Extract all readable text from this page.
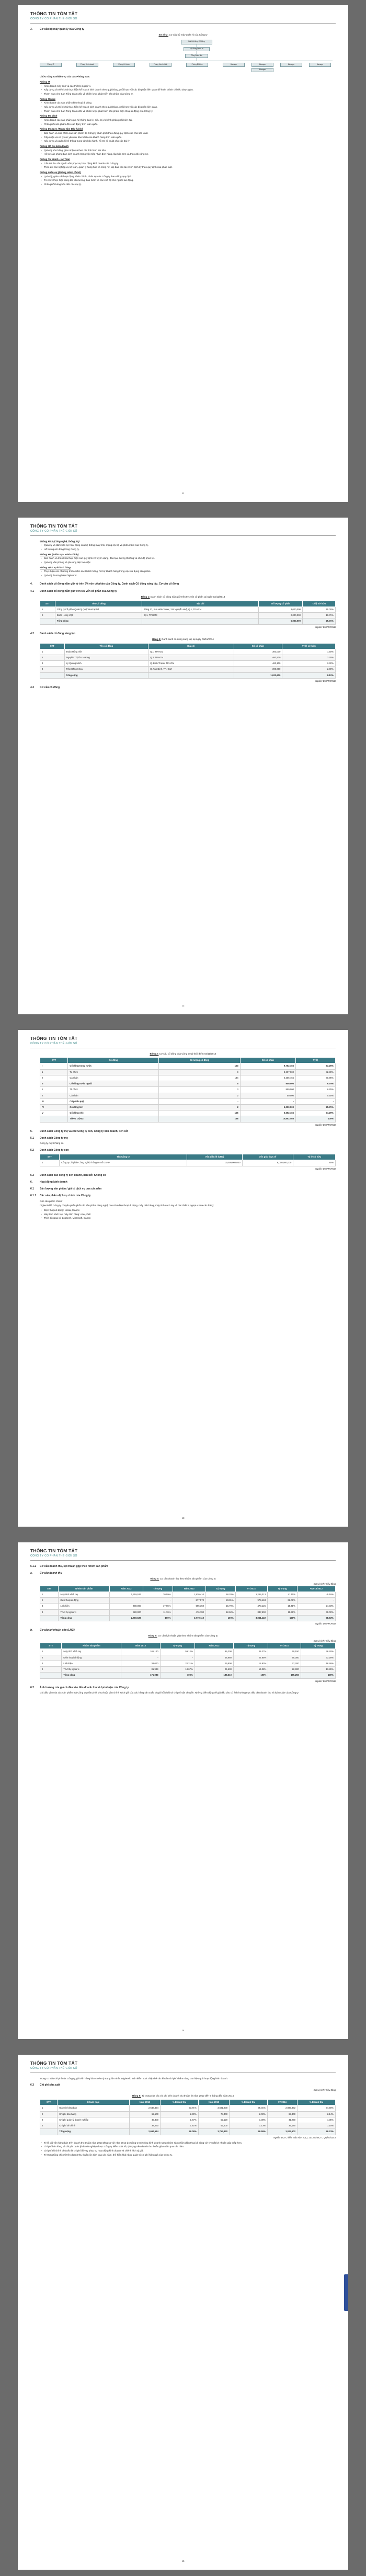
THÔNG TIN TÓM TẮT
CÔNG TY CỔ PHẦN THẾ GIỚI SỐ
3.	Cơ cấu bộ máy quản lý của Công ty
Sơ đồ 2: Cơ cấu bộ máy quản lý của Công ty
Đại Hội đồng Cổ đông
Hội đồng Quản trị
Tổng Giám đốc
Phòng IT	Phòng Kinh doanh	Phòng Kế toán	Phòng Hành chính	Phòng DGDen	Manager	Manager	Manager	Manager
Manager
Chức năng & Nhiệm vụ của các Phòng Ban:
Phòng IT
• Kinh doanh máy tính và các thiết bị ngoại vi.
• Xây dựng và triển khai thực hiện kế hoạch kinh doanh theo quý/tháng, phối hợp với các bộ phận liên quan để hoàn thành chỉ tiêu được giao.
• Tham mưu cho Ban Tổng Giám đốc về chiến lược phát triển sản phẩm của Công ty.
Phòng Mobile
• Kinh doanh các sản phẩm điện thoại di động.
• Xây dựng và triển khai thực hiện kế hoạch kinh doanh theo quý/tháng, phối hợp với các bộ phận liên quan.
• Tham mưu cho Ban Tổng Giám đốc về chiến lược phát triển sản phẩm điện thoại di động của Công ty.
Phòng Đa kênh
• Kinh doanh các sản phẩm qua hệ thống bán lẻ, siêu thị và kênh phân phối hiện đại.
• Phân phối sản phẩm đến các đại lý trên toàn quốc.
Phòng DGDpro (Trung tâm Bảo hành)
• Bảo hành và sửa chữa các sản phẩm do Công ty phân phối theo đúng quy định của nhà sản xuất.
• Tiếp nhận và xử lý các yêu cầu bảo hành của khách hàng trên toàn quốc.
• Xây dựng và quản lý hệ thống trung tâm bảo hành, hỗ trợ kỹ thuật cho các đại lý.
Phòng Hỗ trợ kinh doanh
• Quản lý kho hàng, giao nhận và theo dõi tình hình tồn kho.
• Hỗ trợ các phòng ban kinh doanh trong việc tiếp nhận đơn hàng, lập hóa đơn và theo dõi công nợ.
Phòng Tài chính - Kế Toán
• Cân đối thu chi nguồn vốn phục vụ hoạt động kinh doanh của Công ty.
• Theo dõi các nghiệp vụ kế toán, quản lý hàng hóa và công nợ, lập báo cáo tài chính định kỳ theo quy định của pháp luật.
Phòng nhân sự (Phòng Hành chính)
• Quản lý, giám sát hoạt động hành chính, nhân sự của Công ty theo đúng quy định.
• Tổ chức thực hiện công tác tiền lương, bảo hiểm và các chế độ cho người lao động.
• Phân phối hàng hóa đến các đại lý.
11
THÔNG TIN TÓM TẮT
CÔNG TY CỔ PHẦN THẾ GIỚI SỐ
Phòng BBS (Công nghệ Thông tin)
• Quản lý và đảm bảo sự hoạt động của hệ thống máy tính, mạng nội bộ và phần mềm của Công ty.
• Hỗ trợ người dùng trong Công ty.
Phòng HR (Nhân sự - Hành chính)
• Ban hành và triển khai thực hiện các quy định về tuyển dụng, đào tạo, lương thưởng và chế độ phúc lợi.
• Quản lý văn phòng và phương tiện làm việc.
Phòng Dịch vụ khách hàng
• Thực hiện các chương trình chăm sóc khách hàng, hỗ trợ khách hàng trong việc sử dụng sản phẩm.
• Quản lý thương hiệu Digiworld.
4.	Danh sách cổ đông nắm giữ từ trên 5% vốn cổ phần của Công ty. Danh sách Cổ đông sáng lập. Cơ cấu cổ đông
4.1 Danh sách cổ đông nắm giữ trên 5% vốn cổ phần của Công ty
Bảng 1: Danh sách cổ đông nắm giữ trên 5% vốn cổ phần tại ngày 03/11/2014
STT	Tên Cổ đông	Địa chỉ	Số lượng cổ phần	Tỷ lệ sở hữu
1	Công ty Cổ phần Quản lý Quỹ VinaCapital	Tầng 17, Sun Wah Tower, 115 Nguyễn Huệ, Q.1, TP.HCM	3,000,000	15.00%
2	Đoàn Hồng Việt	Q.1, TP.HCM	2,000,000	10.71%
	Tổng cộng		5,000,000	25.71%
Nguồn: DIGIWORLD
4.2 Danh sách cổ đông sáng lập
Bảng 2: Danh sách cổ đông sáng lập tại ngày 03/11/2014
STT	Tên cổ đông	Địa chỉ	Số cổ phần	Tỷ lệ sở hữu
1	Đoàn Hồng Việt	Q.1, TP.HCM	300,000	1.50%
2	Nguyễn Thị Thu Hương	Q.3, TP.HCM	460,500	2.30%
3	Lý Quang Minh	Q. Bình Thạnh, TP.HCM	463,100	2.32%
4	Trần Đăng Khoa	Q. Tân Bình, TP.HCM	399,000	2.00%
	Tổng cộng		1,622,600	8.12%
Nguồn: DIGIWORLD
4.3 Cơ cấu cổ đông
12
THÔNG TIN TÓM TẮT
CÔNG TY CỔ PHẦN THẾ GIỚI SỐ
Bảng 3: Cơ cấu cổ đông của Công ty tại thời điểm 03/11/2014
STT	Cổ đông	Số lượng cổ đông	Số cổ phần	Tỷ lệ
I	Cổ đông trong nước	153	9,752,465	93.25%
1	Tổ chức	9	3,397,000	32.30%
2	Cá nhân	144	6,355,465	60.95%
II	Cổ đông nước ngoài	5	900,000	6.75%
1	Tổ chức	3	850,000	6.25%
2	Cá nhân	2	50,000	0.50%
III	Cổ phiếu quỹ	-	-	-
IV	Cổ đông lớn	2	5,000,000	25.71%
V	Cổ đông nhỏ	156	5,652,465	74.29%
	TỔNG CỘNG	158	10,652,465	100%
Nguồn: DIGIWORLD
5.	Danh sách Công ty mẹ và các Công ty con, Công ty liên doanh, liên kết
5.1 Danh sách Công ty mẹ
Công ty mẹ: Không có
5.2 Danh sách Công ty con
STT	Tên Công ty	Vốn điều lệ (VNĐ)	Vốn góp thực tế	Tỷ lệ sở hữu
1	Công ty Cổ phần Công nghệ Thông tin Số DSPP	10,000,000,000	8,000,000,000	80%
Nguồn: DIGIWORLD
5.3 Danh sách các công ty liên doanh, liên kết: Không có
6.	Hoạt động kinh doanh
6.1 Sản lượng sản phẩm / giá trị dịch vụ qua các năm
6.1.1 Các sản phẩm dịch vụ chính của Công ty
Các sản phẩm chính:
Digiworld là Công ty chuyên phân phối các sản phẩm công nghệ cao như điện thoại di động, máy tính bảng, máy tính xách tay và các thiết bị ngoại vi của các hãng:
• Điện thoại di động: Nokia, Xiaomi
• Máy tính xách tay, máy tính bảng: Acer, Dell
• Thiết bị ngoại vi: Logitech, Microsoft, Canon
13
THÔNG TIN TÓM TẮT
CÔNG TY CỔ PHẦN THẾ GIỚI SỐ
6.1.2 Cơ cấu doanh thu, lợi nhuận gộp theo nhóm sản phẩm
a.	Cơ cấu doanh thu
Bảng 4: Cơ cấu doanh thu theo nhóm sản phẩm của Công ty
Đơn vị tính: Triệu đồng
STT	Nhóm sản phẩm	Năm 2012	Tỷ trọng	Năm 2013	Tỷ trọng	9T/2014	Tỷ trọng	%2013/2012
1	Máy tính xách tay	1,919,537	70.59%	1,820,410	48.28%	1,254,313	41.11%	-5.16%
2	Điện thoại di động	-	-	877,570	23.31%	979,184	32.09%	-
3	Linh kiện	480,000	17.65%	595,350	15.79%	470,125	15.41%	24.03%
4	Thiết bị ngoại vi	320,000	11.76%	476,780	12.62%	347,500	11.39%	49.00%
	Tổng cộng	2,719,537	100%	3,770,110	100%	3,051,122	100%	38.63%
Nguồn: DIGIWORLD
b.	Cơ cấu lợi nhuận gộp (LNG)
Bảng 5: Cơ cấu lợi nhuận gộp theo nhóm sản phẩm của Công ty
Đơn vị tính: Triệu đồng
STT	Nhóm sản phẩm	Năm 2012	Tỷ trọng	Năm 2013	Tỷ trọng	9T/2014	Tỷ trọng
1	Máy tính xách tay	101,140	59.12%	85,200	45.27%	60,150	36.40%
2	Điện thoại di động	-	-	48,680	25.85%	55,000	33.28%
3	Linh kiện	38,000	22.21%	29,800	15.83%	27,200	16.46%
4	Thiết bị ngoại vi	31,943	18.67%	24,630	13.08%	22,900	13.86%
	Tổng cộng	171,083	100%	188,310	100%	165,250	100%
Nguồn: DIGIWORLD
6.2 Ảnh hưởng của giá cả đầu vào đến doanh thu và lợi nhuận của Công ty
Giá đầu vào của các sản phẩm mà Công ty phân phối phụ thuộc vào chính sách giá của các hãng sản xuất, tỷ giá hối đoái và chi phí vận chuyển. Những biến động về giá đầu vào có ảnh hưởng trực tiếp đến doanh thu và lợi nhuận của Công ty.
14
THÔNG TIN TÓM TẮT
CÔNG TY CỔ PHẦN THẾ GIỚI SỐ
Trong cơ cấu chi phí của Công ty, giá vốn hàng bán chiếm tỷ trọng lớn nhất. Digiworld luôn kiểm soát chặt chẽ các khoản chi phí nhằm nâng cao hiệu quả hoạt động kinh doanh.
6.3 Chi phí sản xuất
Đơn vị tính: Triệu đồng
Bảng 6: Tỷ trọng của các chi phí trên doanh thu thuần từ năm 2012 đến 9 tháng đầu năm 2014
STT	Khoản mục	Năm 2012	% Doanh thu	Năm 2013	% Doanh thu	9T/2014	% Doanh thu
1	Giá vốn hàng bán	2,548,454	93.71%	3,581,800	95.01%	2,885,872	94.58%
2	Chi phí bán hàng	62,500	2.30%	78,400	2.08%	65,300	2.14%
3	Chi phí quản lý doanh nghiệp	45,300	1.67%	52,120	1.38%	41,250	1.35%
4	Chi phí tài chính	38,260	1.41%	42,500	1.13%	35,180	1.15%
	Tổng cộng	2,694,514	99.08%	3,754,820	99.59%	3,027,602	99.23%
Nguồn: BCTC kiểm toán năm 2012, 2013 và BCTC Quý III/2014
• Tỷ lệ giá vốn hàng bán trên doanh thu thuần năm 2013 tăng so với năm 2012 do Công ty mở rộng kinh doanh sang nhóm sản phẩm điện thoại di động với tỷ suất lợi nhuận gộp thấp hơn.
• Chi phí bán hàng và chi phí quản lý doanh nghiệp được Công ty kiểm soát tốt, tỷ trọng trên doanh thu thuần giảm dần qua các năm.
• Chi phí tài chính chủ yếu là chi phí lãi vay phục vụ hoạt động kinh doanh và chênh lệch tỷ giá.
• Tỷ trọng tổng chi phí trên doanh thu thuần ổn định qua các năm, thể hiện khả năng quản trị chi phí hiệu quả của Công ty.
15
